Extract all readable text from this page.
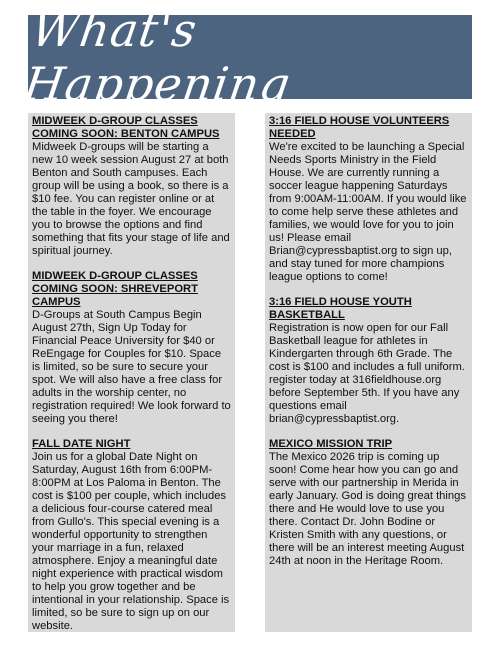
What's Happening
MIDWEEK D-GROUP CLASSES COMING SOON: BENTON CAMPUS
Midweek D-groups will be starting a new 10 week session August 27 at both Benton and South campuses. Each group will be using a book, so there is a $10 fee. You can register online or at the table in the foyer. We encourage you to browse the options and find something that fits your stage of life and spiritual journey.
MIDWEEK D-GROUP CLASSES COMING SOON: SHREVEPORT CAMPUS
D-Groups at South Campus Begin August 27th, Sign Up Today for Financial Peace University for $40 or ReEngage for Couples for $10. Space is limited, so be sure to secure your spot. We will also have a free class for adults in the worship center, no registration required! We look forward to seeing you there!
FALL DATE NIGHT
Join us for a global Date Night on Saturday, August 16th from 6:00PM-8:00PM at Los Paloma in Benton. The cost is $100 per couple, which includes a delicious four-course catered meal from Gullo's. This special evening is a wonderful opportunity to strengthen your marriage in a fun, relaxed atmosphere. Enjoy a meaningful date night experience with practical wisdom to help you grow together and be intentional in your relationship. Space is limited, so be sure to sign up on our website.
3:16 FIELD HOUSE VOLUNTEERS NEEDED
We're excited to be launching a Special Needs Sports Ministry in the Field House. We are currently running a soccer league happening Saturdays from 9:00AM-11:00AM. If you would like to come help serve these athletes and families, we would love for you to join us! Please email Brian@cypressbaptist.org to sign up, and stay tuned for more champions league options to come!
3:16 FIELD HOUSE YOUTH BASKETBALL
Registration is now open for our Fall Basketball league for athletes in Kindergarten through 6th Grade. The cost is $100 and includes a full uniform. register today at 316fieldhouse.org before September 5th. If you have any questions email brian@cypressbaptist.org.
MEXICO MISSION TRIP
The Mexico 2026 trip is coming up soon! Come hear how you can go and serve with our partnership in Merida in early January. God is doing great things there and He would love to use you there. Contact Dr. John Bodine or Kristen Smith with any questions, or there will be an interest meeting August 24th at noon in the Heritage Room.
